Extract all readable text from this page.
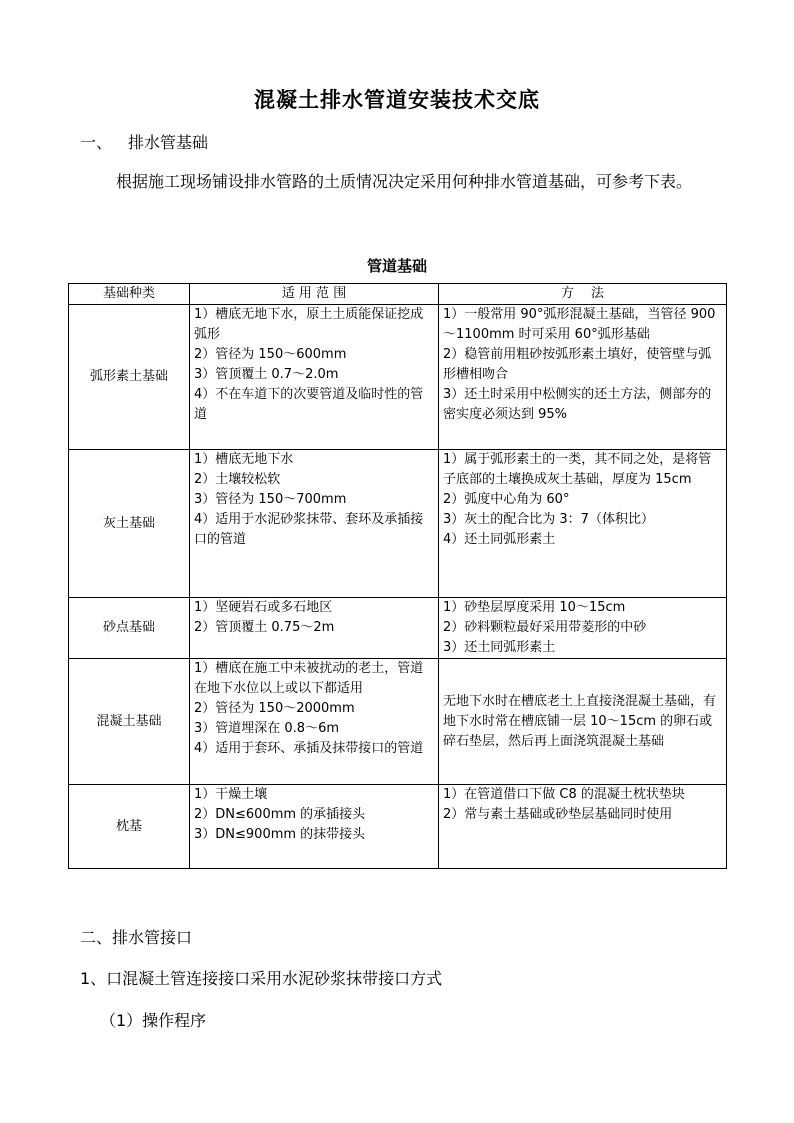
混凝土排水管道安装技术交底
一、 排水管基础
根据施工现场铺设排水管路的土质情况决定采用何种排水管道基础，可参考下表。
管道基础
基础种类	适 用 范 围	方　 法
弧形素土基础	1）槽底无地下水，原土土质能保证挖成弧形
2）管径为 150～600mm
3）管顶覆土 0.7～2.0m
4）不在车道下的次要管道及临时性的管道	1）一般常用 90°弧形混凝土基础，当管径 900～1100mm 时可采用 60°弧形基础
2）稳管前用粗砂按弧形素土填好，使管壁与弧形槽相吻合
3）还土时采用中松侧实的还土方法，侧部夯的密实度必须达到 95%

灰土基础	1）槽底无地下水
2）土壤较松软
3）管径为 150～700mm
4）适用于水泥砂浆抹带、套环及承插接口的管道	1）属于弧形素土的一类，其不同之处，是将管子底部的土壤换成灰土基础，厚度为 15cm
2）弧度中心角为 60°
3）灰土的配合比为 3：7（体积比）
4）还土同弧形素土

砂点基础	1）坚硬岩石或多石地区
2）管顶覆土 0.75～2m	1）砂垫层厚度采用 10～15cm
2）砂料颗粒最好采用带菱形的中砂
3）还土同弧形素土

混凝土基础	1）槽底在施工中未被扰动的老土，管道在地下水位以上或以下都适用
2）管径为 150～2000mm
3）管道埋深在 0.8～6m
4）适用于套环、承插及抹带接口的管道	无地下水时在槽底老土上直接浇混凝土基础，有地下水时常在槽底铺一层 10～15cm 的卵石或碎石垫层，然后再上面浇筑混凝土基础

枕基	1）干燥土壤
2）DN≤600mm 的承插接头
3）DN≤900mm 的抹带接头	1）在管道借口下做 C8 的混凝土枕状垫块
2）常与素土基础或砂垫层基础同时使用
二、排水管接口
1、口混凝土管连接接口采用水泥砂浆抹带接口方式
（1）操作程序
